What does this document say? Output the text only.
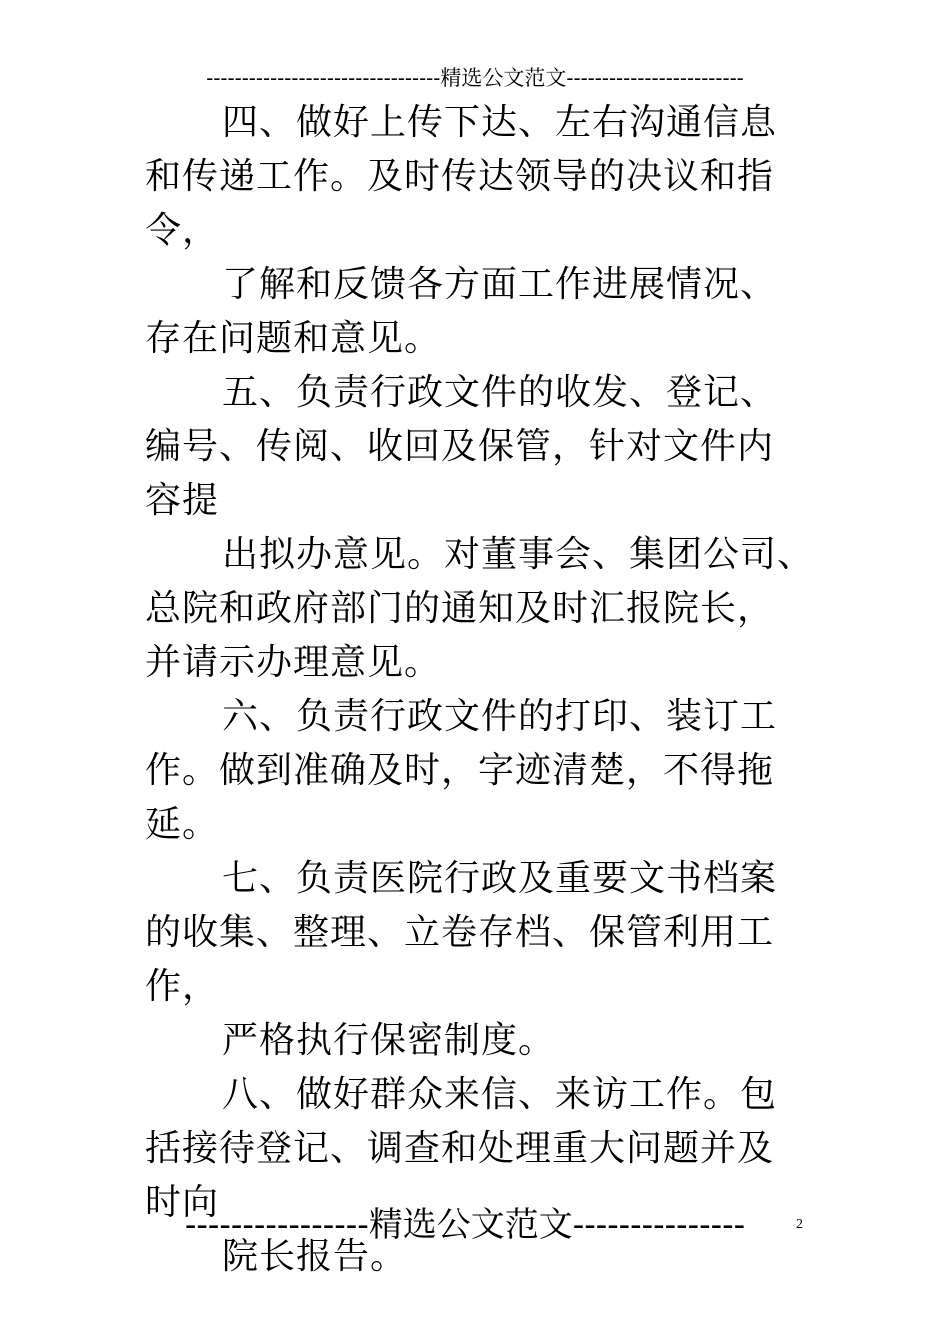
---------------------------------精选公文范文-------------------------
四、做好上传下达、左右沟通信息
和传递工作。及时传达领导的决议和指
令，
了解和反馈各方面工作进展情况、
存在问题和意见。
五、负责行政文件的收发、登记、
编号、传阅、收回及保管，针对文件内
容提
出拟办意见。对董事会、集团公司、
总院和政府部门的通知及时汇报院长，
并请示办理意见。
六、负责行政文件的打印、装订工
作。做到准确及时，字迹清楚，不得拖
延。
七、负责医院行政及重要文书档案
的收集、整理、立卷存档、保管利用工
作，
严格执行保密制度。
八、做好群众来信、来访工作。包
括接待登记、调查和处理重大问题并及
时向
院长报告。
----------------精选公文范文---------------	2
